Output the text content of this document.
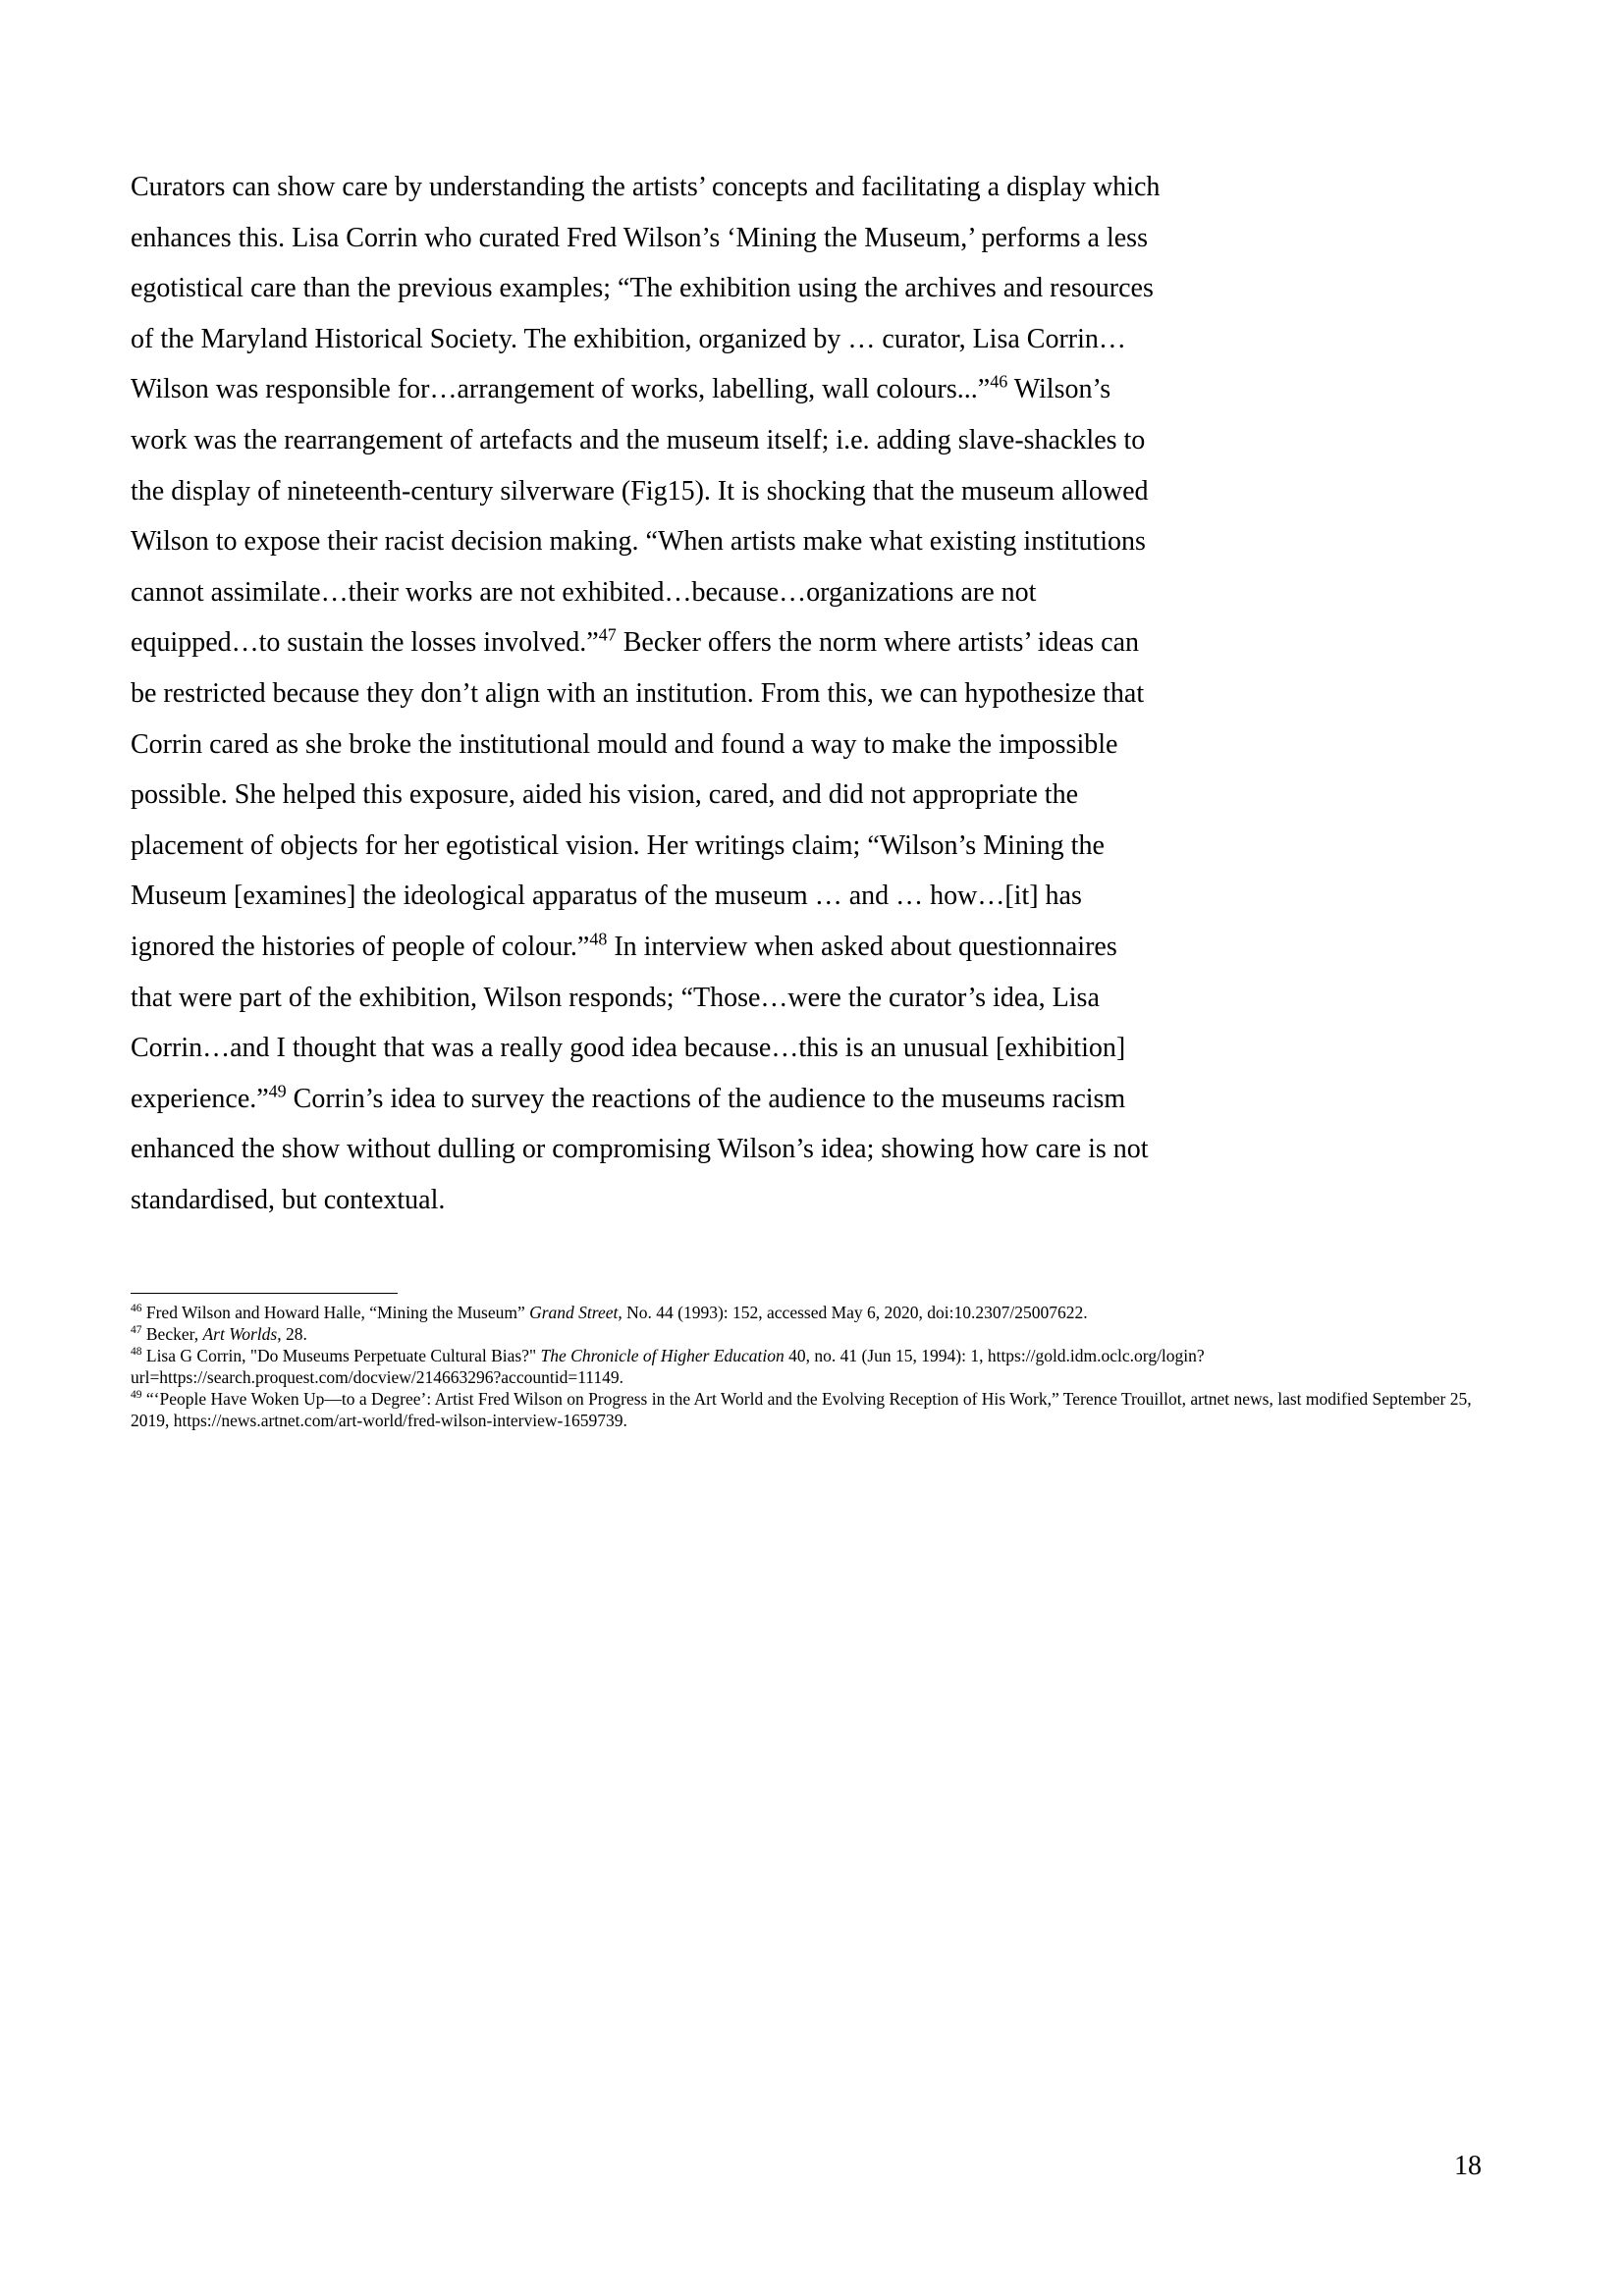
Curators can show care by understanding the artists’ concepts and facilitating a display which
enhances this. Lisa Corrin who curated Fred Wilson’s ‘Mining the Museum,’ performs a less
egotistical care than the previous examples; “The exhibition using the archives and resources
of the Maryland Historical Society. The exhibition, organized by … curator, Lisa Corrin…
Wilson was responsible for…arrangement of works, labelling, wall colours...”$^{46}$ Wilson’s
work was the rearrangement of artefacts and the museum itself; i.e. adding slave-shackles to
the display of nineteenth-century silverware (Fig15). It is shocking that the museum allowed
Wilson to expose their racist decision making. “When artists make what existing institutions
cannot assimilate…their works are not exhibited…because…organizations are not
equipped…to sustain the losses involved.”$^{47}$ Becker offers the norm where artists’ ideas can
be restricted because they don’t align with an institution. From this, we can hypothesize that
Corrin cared as she broke the institutional mould and found a way to make the impossible
possible. She helped this exposure, aided his vision, cared, and did not appropriate the
placement of objects for her egotistical vision. Her writings claim; “Wilson’s Mining the
Museum [examines] the ideological apparatus of the museum … and … how…[it] has
ignored the histories of people of colour.”$^{48}$ In interview when asked about questionnaires
that were part of the exhibition, Wilson responds; “Those…were the curator’s idea, Lisa
Corrin…and I thought that was a really good idea because…this is an unusual [exhibition]
experience.”$^{49}$ Corrin’s idea to survey the reactions of the audience to the museums racism
enhanced the show without dulling or compromising Wilson’s idea; showing how care is not
standardised, but contextual.
$^{46}$ Fred Wilson and Howard Halle, “Mining the Museum” Grand Street, No. 44 (1993): 152, accessed May 6, 2020, doi:10.2307/25007622.
$^{47}$ Becker, Art Worlds, 28.
$^{48}$ Lisa G Corrin, "Do Museums Perpetuate Cultural Bias?" The Chronicle of Higher Education 40, no. 41 (Jun 15, 1994): 1, https://gold.idm.oclc.org/login?url=https://search.proquest.com/docview/214663296?accountid=11149.
$^{49}$ “‘People Have Woken Up—to a Degree’: Artist Fred Wilson on Progress in the Art World and the Evolving Reception of His Work,” Terence Trouillot, artnet news, last modified September 25, 2019, https://news.artnet.com/art-world/fred-wilson-interview-1659739.
18
